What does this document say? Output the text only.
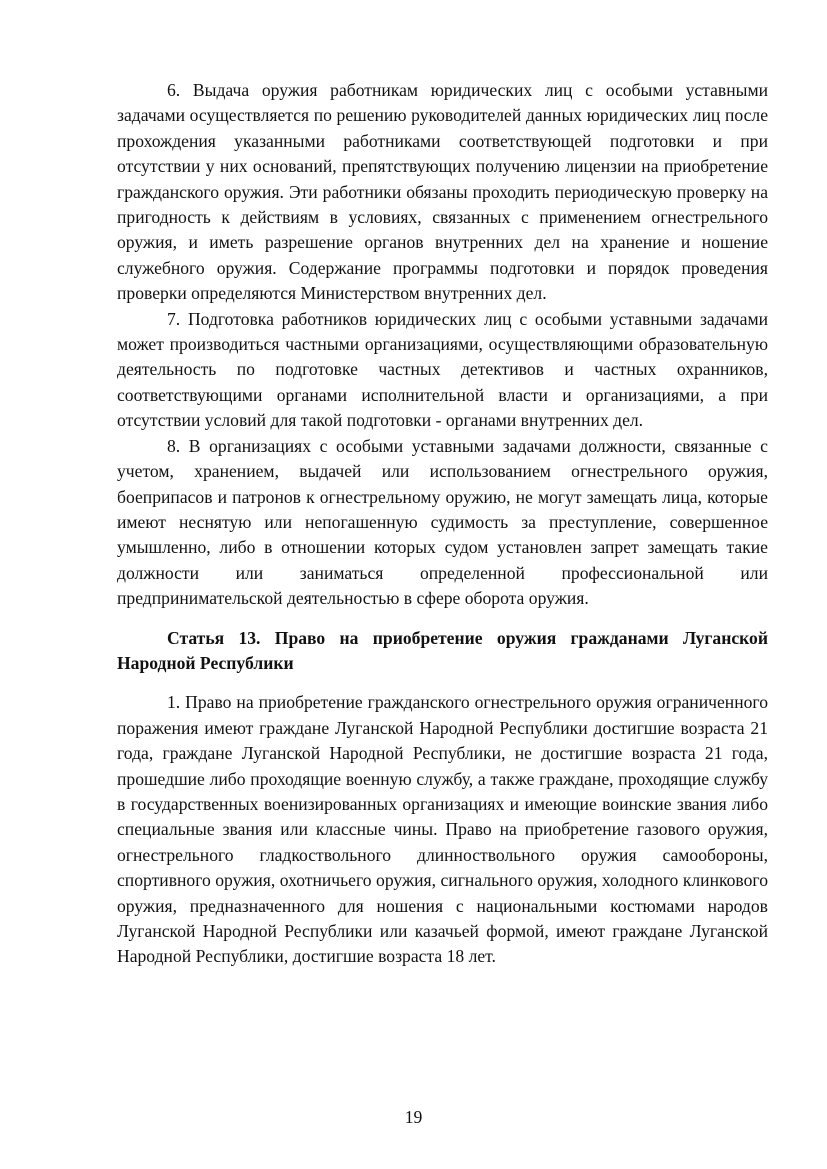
6. Выдача оружия работникам юридических лиц с особыми уставными задачами осуществляется по решению руководителей данных юридических лиц после прохождения указанными работниками соответствующей подготовки и при отсутствии у них оснований, препятствующих получению лицензии на приобретение гражданского оружия. Эти работники обязаны проходить периодическую проверку на пригодность к действиям в условиях, связанных с применением огнестрельного оружия, и иметь разрешение органов внутренних дел на хранение и ношение служебного оружия. Содержание программы подготовки и порядок проведения проверки определяются Министерством внутренних дел.

7. Подготовка работников юридических лиц с особыми уставными задачами может производиться частными организациями, осуществляющими образовательную деятельность по подготовке частных детективов и частных охранников, соответствующими органами исполнительной власти и организациями, а при отсутствии условий для такой подготовки - органами внутренних дел.

8. В организациях с особыми уставными задачами должности, связанные с учетом, хранением, выдачей или использованием огнестрельного оружия, боеприпасов и патронов к огнестрельному оружию, не могут замещать лица, которые имеют неснятую или непогашенную судимость за преступление, совершенное умышленно, либо в отношении которых судом установлен запрет замещать такие должности или заниматься определенной профессиональной или предпринимательской деятельностью в сфере оборота оружия.

Статья 13. Право на приобретение оружия гражданами Луганской Народной Республики

1. Право на приобретение гражданского огнестрельного оружия ограниченного поражения имеют граждане Луганской Народной Республики достигшие возраста 21 года, граждане Луганской Народной Республики, не достигшие возраста 21 года, прошедшие либо проходящие военную службу, а также граждане, проходящие службу в государственных военизированных организациях и имеющие воинские звания либо специальные звания или классные чины. Право на приобретение газового оружия, огнестрельного гладкоствольного длинноствольного оружия самообороны, спортивного оружия, охотничьего оружия, сигнального оружия, холодного клинкового оружия, предназначенного для ношения с национальными костюмами народов Луганской Народной Республики или казачьей формой, имеют граждане Луганской Народной Республики, достигшие возраста 18 лет.

19
